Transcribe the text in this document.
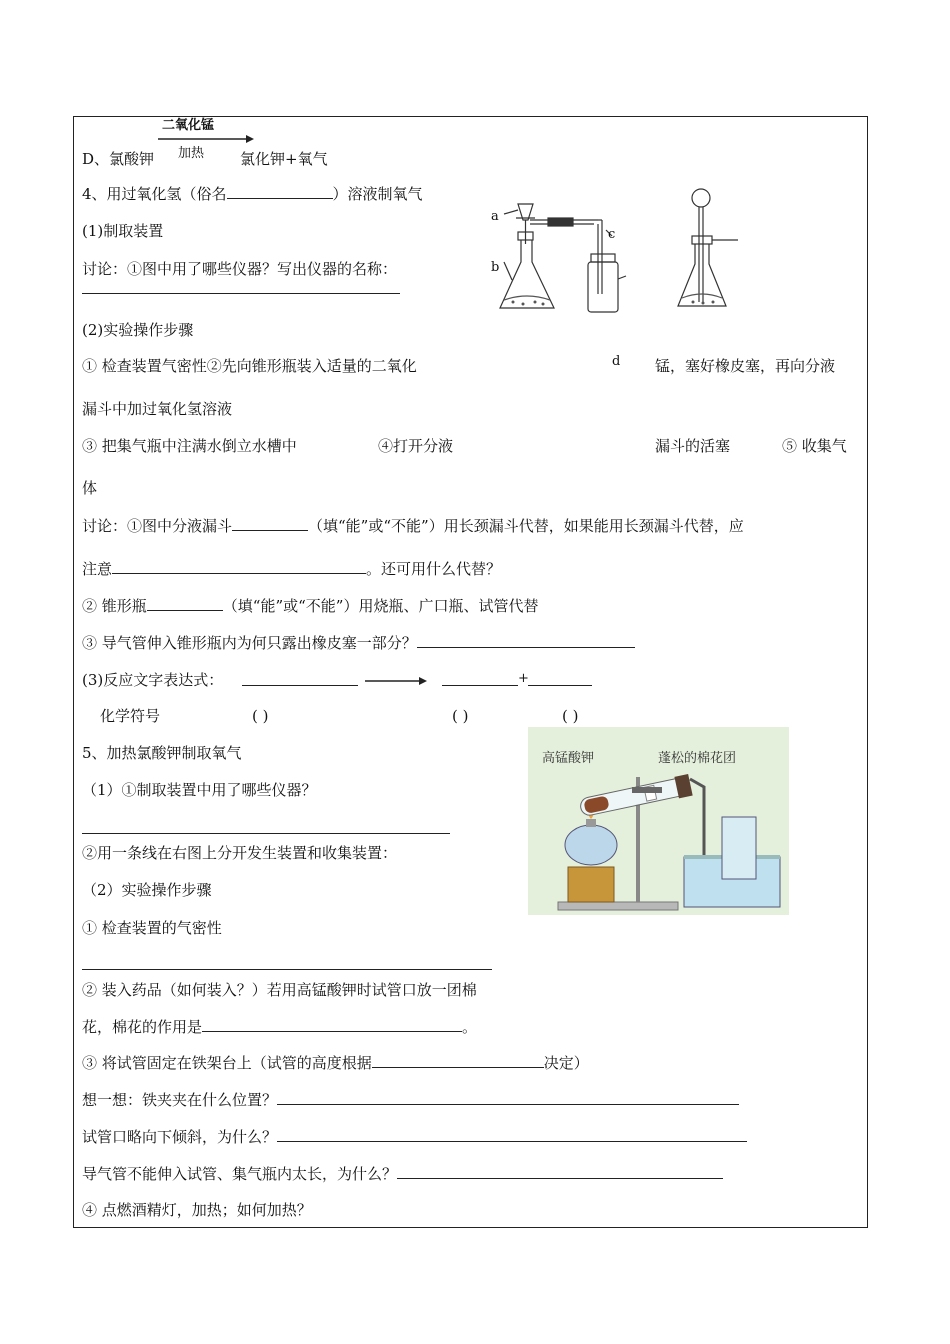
二氧化锰
加热
D、氯酸钾	氯化钾+氧气
4、用过氧化氢（俗名	）溶液制氧气
(1)制取装置
讨论：①图中用了哪些仪器？写出仪器的名称：
a
b
c
(2)实验操作步骤
① 检查装置气密性②先向锥形瓶装入适量的二氧化	d 锰，塞好橡皮塞，再向分液
漏斗中加过氧化氢溶液
③ 把集气瓶中注满水倒立水槽中	④打开分液	漏斗的活塞	⑤ 收集气
体
讨论：①图中分液漏斗	（填“能”或“不能”）用长颈漏斗代替，如果能用长颈漏斗代替，应
注意	。还可用什么代替？
② 锥形瓶	（填“能”或“不能”）用烧瓶、广口瓶、试管代替
③ 导气管伸入锥形瓶内为何只露出橡皮塞一部分？
(3)反应文字表达式：	+
化学符号	( )	( )	( )
5、加热氯酸钾制取氧气
（1）①制取装置中用了哪些仪器？
②用一条线在右图上分开发生装置和收集装置：
（2）实验操作步骤
① 检查装置的气密性
② 装入药品（如何装入？）若用高锰酸钾时试管口放一团棉
花，棉花的作用是	。
③ 将试管固定在铁架台上（试管的高度根据	决定）
想一想：铁夹夹在什么位置？
试管口略向下倾斜，为什么？
导气管不能伸入试管、集气瓶内太长，为什么？
④ 点燃酒精灯，加热；如何加热？
高锰酸钾	蓬松的棉花团
